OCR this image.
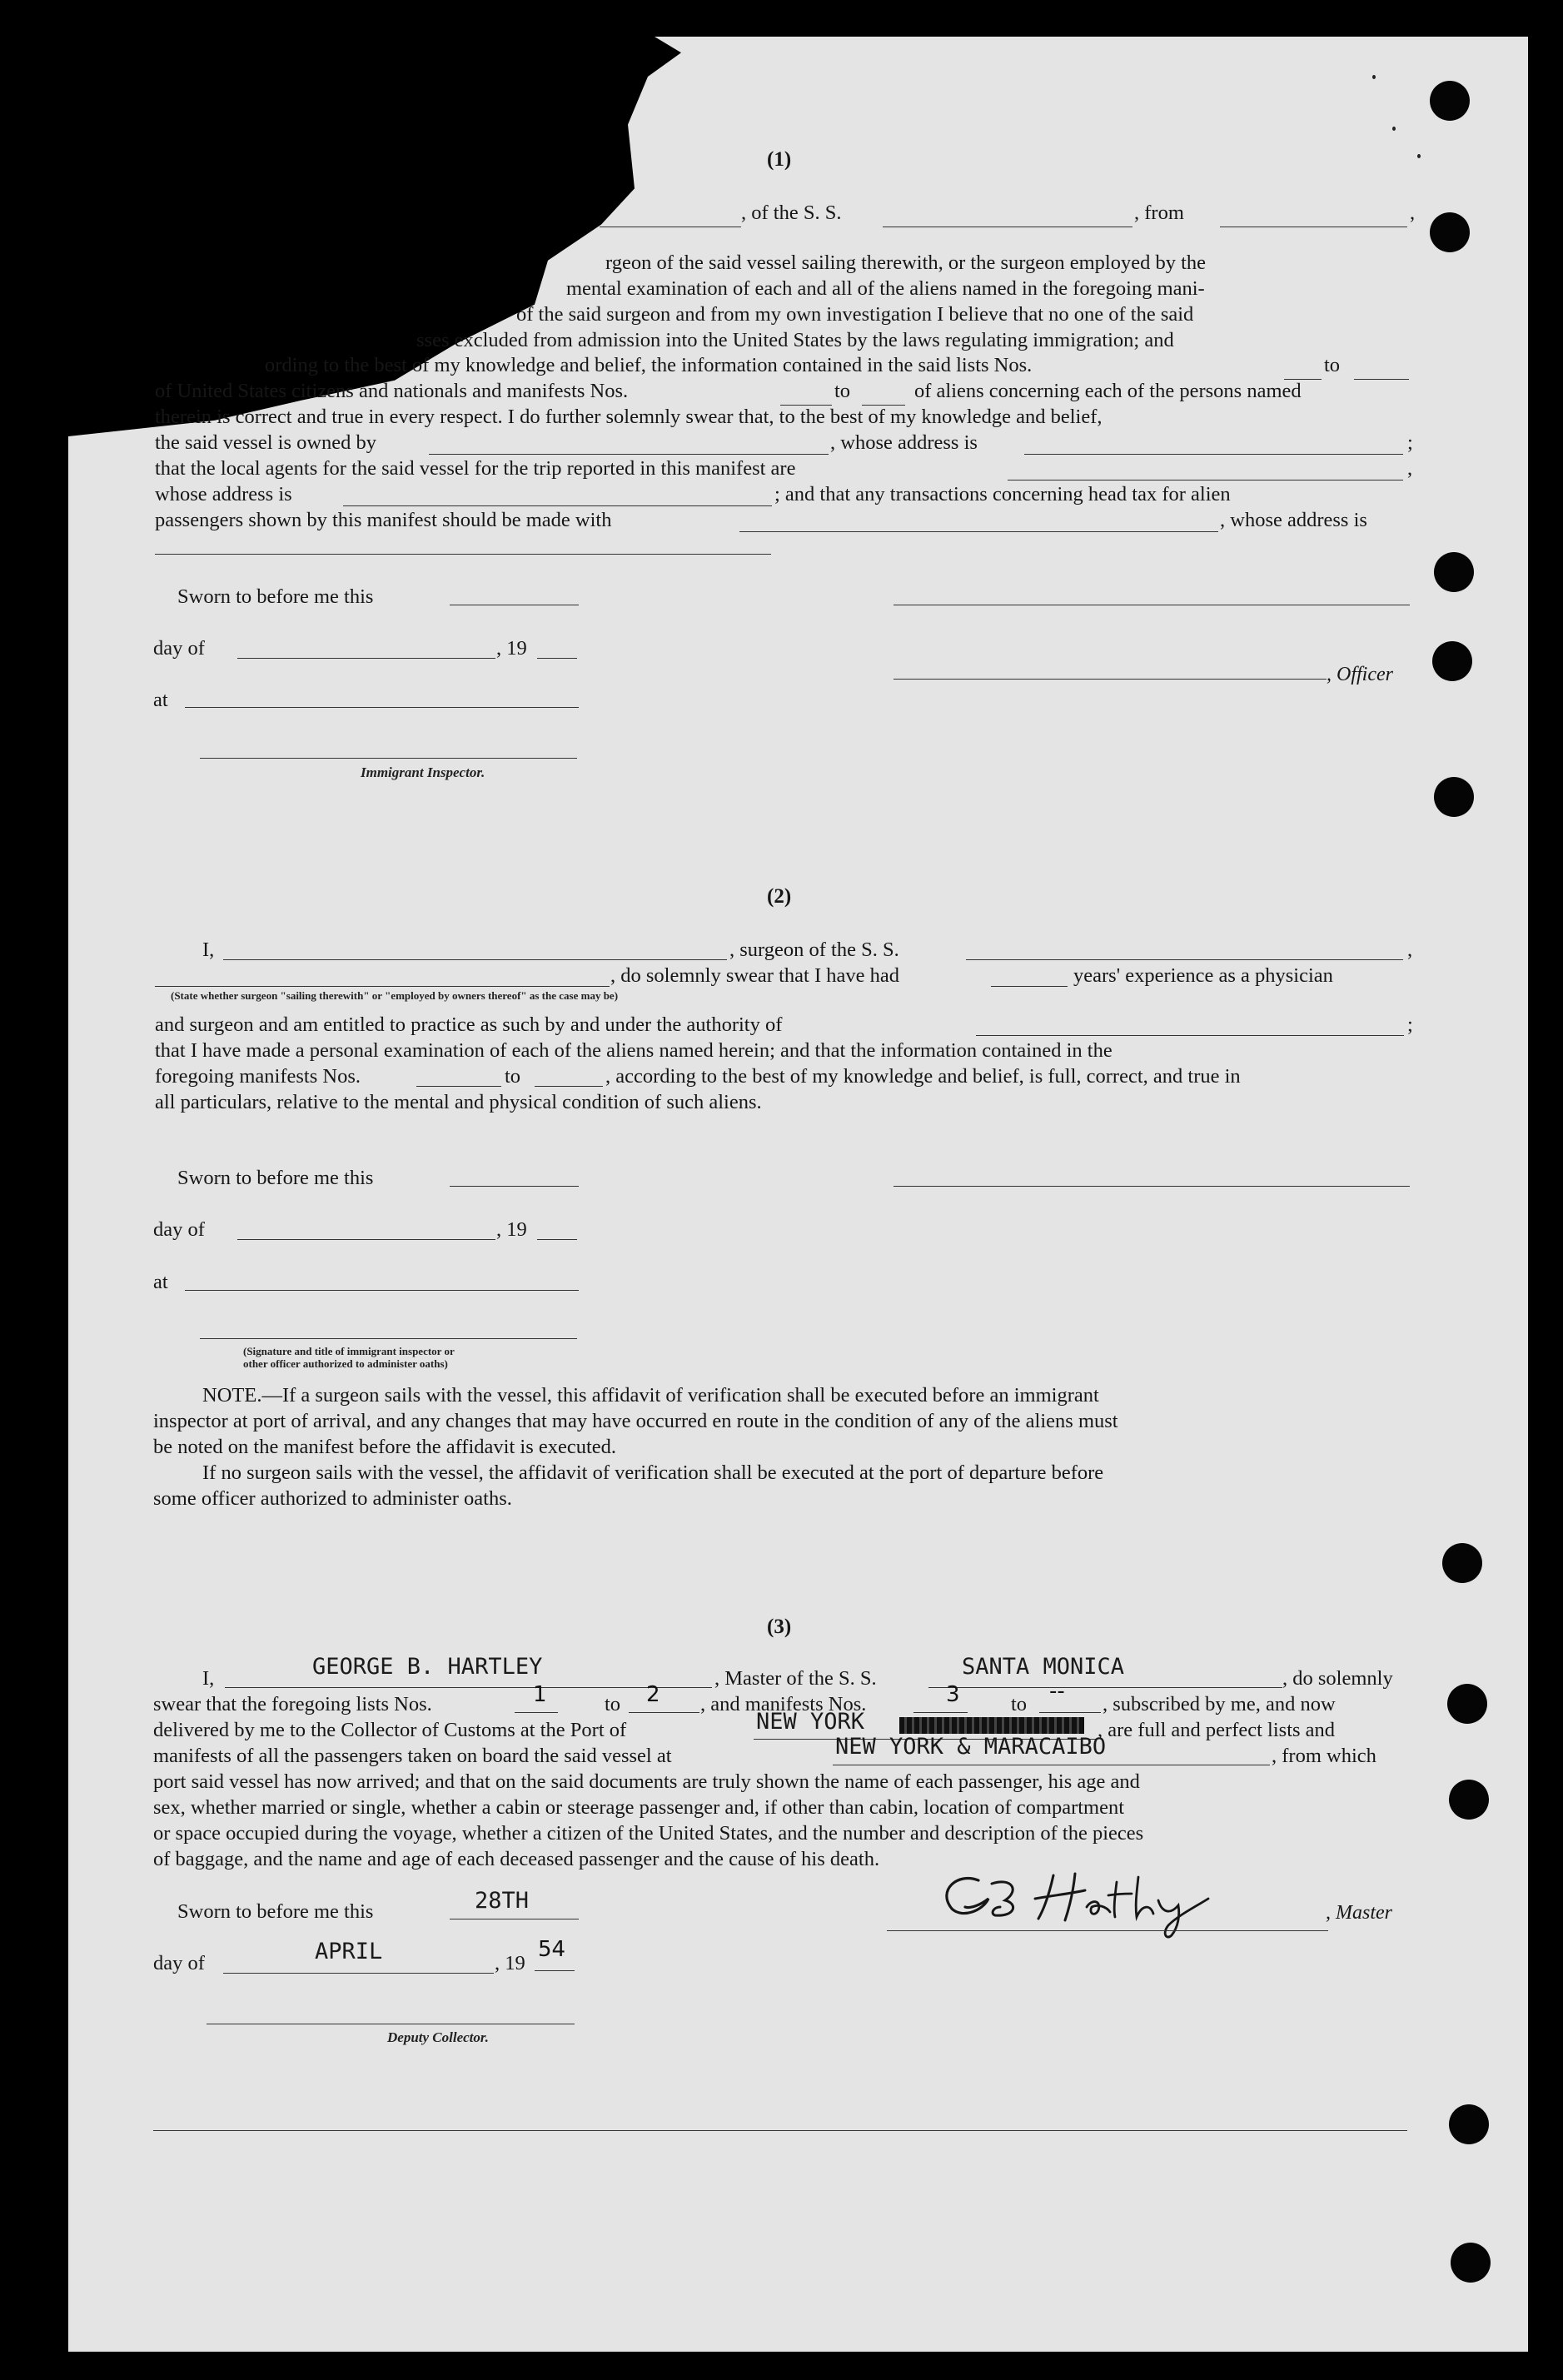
(1)
, of the S. S.	, from	,
rgeon of the said vessel sailing therewith, or the surgeon employed by the
mental examination of each and all of the aliens named in the foregoing mani-
of the said surgeon and from my own investigation I believe that no one of the said
sses excluded from admission into the United States by the laws regulating immigration; and
ording to the best of my knowledge and belief, the information contained in the said lists Nos.	to
of United States citizens and nationals and manifests Nos.	to	of aliens concerning each of the persons named
therein is correct and true in every respect. I do further solemnly swear that, to the best of my knowledge and belief,
the said vessel is owned by	, whose address is	;
that the local agents for the said vessel for the trip reported in this manifest are	,
whose address is	; and that any transactions concerning head tax for alien
passengers shown by this manifest should be made with	, whose address is
Sworn to before me this
day of	, 19
, Officer
at
Immigrant Inspector.
(2)
I,	, surgeon of the S. S.	,
, do solemnly swear that I have had	years' experience as a physician
(State whether surgeon "sailing therewith" or "employed by owners thereof" as the case may be)
and surgeon and am entitled to practice as such by and under the authority of	;
that I have made a personal examination of each of the aliens named herein; and that the information contained in the
foregoing manifests Nos.	to	, according to the best of my knowledge and belief, is full, correct, and true in
all particulars, relative to the mental and physical condition of such aliens.
Sworn to before me this
day of	, 19
at
(Signature and title of immigrant inspector or
other officer authorized to administer oaths)
NOTE.—If a surgeon sails with the vessel, this affidavit of verification shall be executed before an immigrant
inspector at port of arrival, and any changes that may have occurred en route in the condition of any of the aliens must
be noted on the manifest before the affidavit is executed.
If no surgeon sails with the vessel, the affidavit of verification shall be executed at the port of departure before
some officer authorized to administer oaths.
(3)
I,	GEORGE B. HARTLEY	, Master of the S. S.	SANTA MONICA	, do solemnly
swear that the foregoing lists Nos.	1	to 2 , and manifests Nos.	3	to
--
, subscribed by me, and now
delivered by me to the Collector of Customs at the Port of	NEW YORK	, are full and perfect lists and
manifests of all the passengers taken on board the said vessel at	NEW YORK & MARACAIBO	, from which
port said vessel has now arrived; and that on the said documents are truly shown the name of each passenger, his age and
sex, whether married or single, whether a cabin or steerage passenger and, if other than cabin, location of compartment
or space occupied during the voyage, whether a citizen of the United States, and the number and description of the pieces
of baggage, and the name and age of each deceased passenger and the cause of his death.
Sworn to before me this	28TH	, Master
day of	APRIL	, 19
54
Deputy Collector.
